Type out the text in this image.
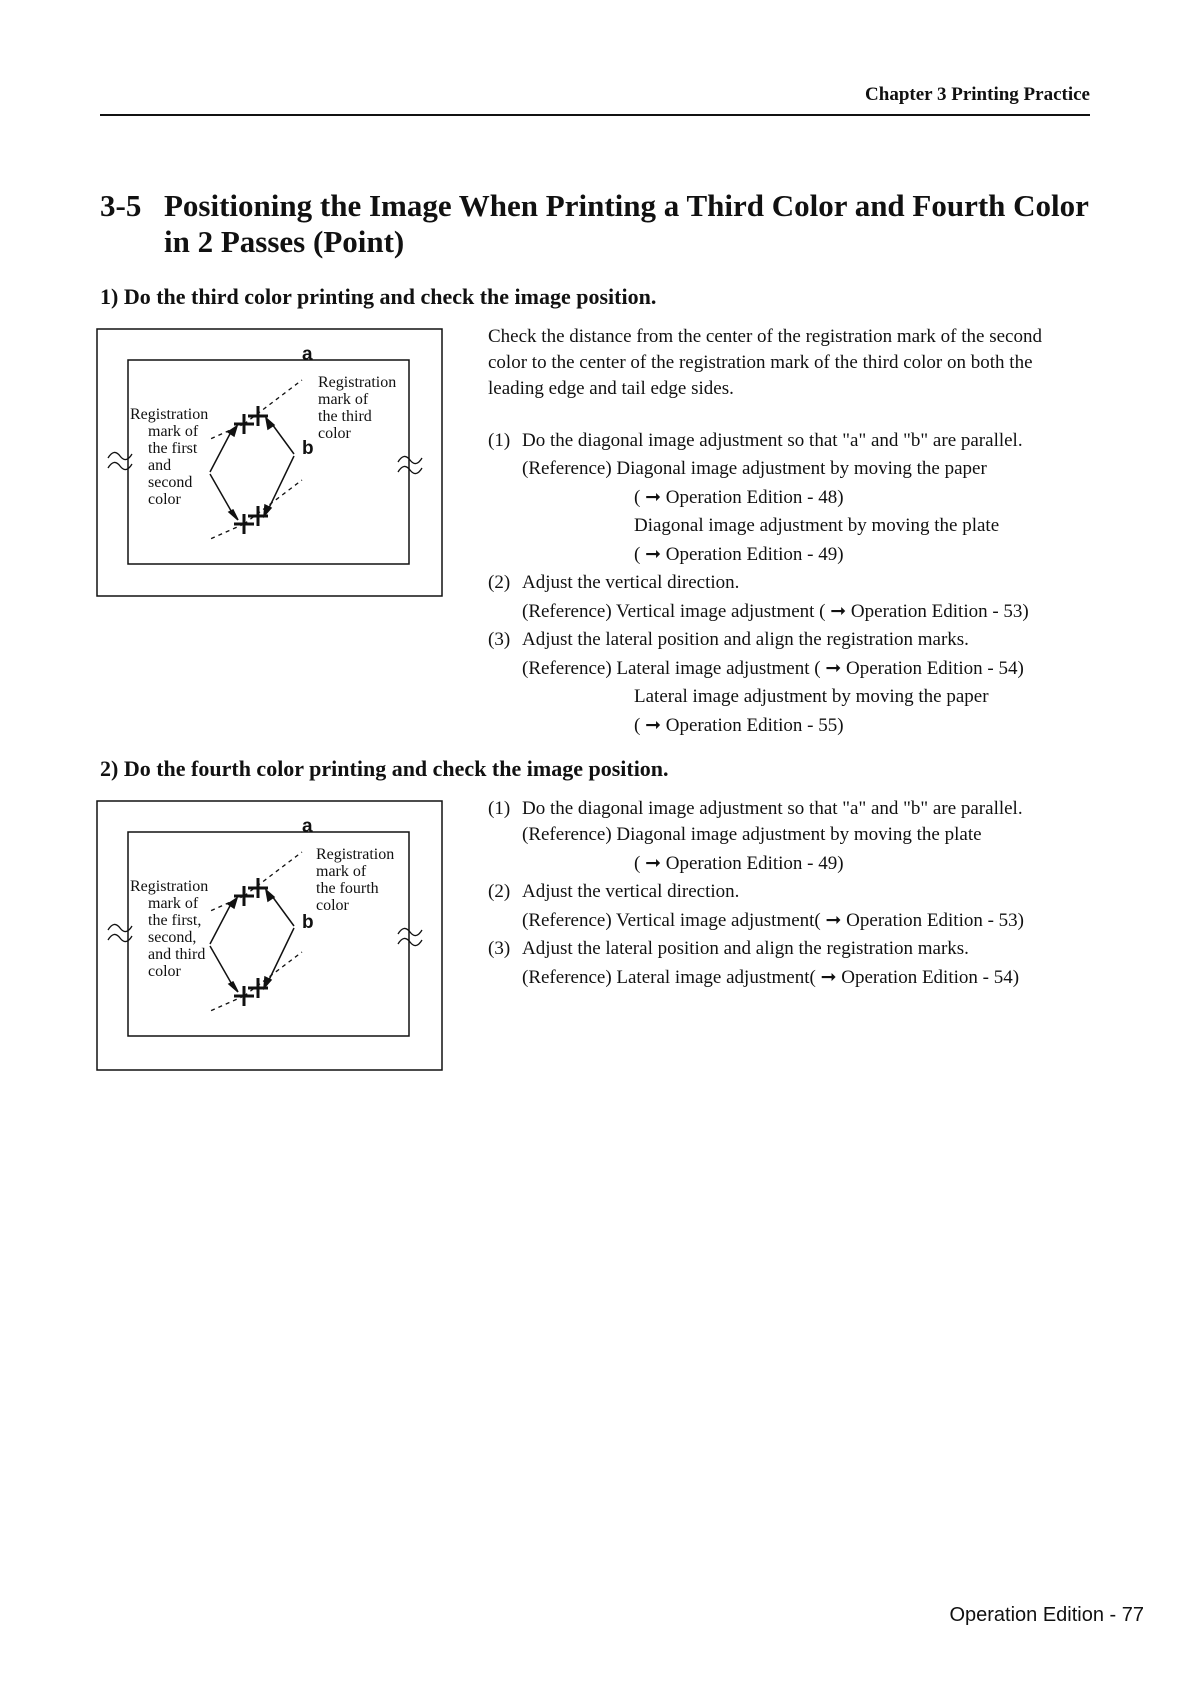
Chapter 3 Printing Practice
3-5 Positioning the Image When Printing a Third Color and Fourth Color
in 2 Passes (Point)
1) Do the third color printing and check the image position.
a
b
Registration
mark of
the first
and
second
color
Registration
mark of
the third
color
Check the distance from the center of the registration mark of the second
color to the center of the registration mark of the third color on both the
leading edge and tail edge sides.
(1) Do the diagonal image adjustment so that "a" and "b" are parallel.
(Reference) Diagonal image adjustment by moving the paper
( ➞ Operation Edition - 48)
Diagonal image adjustment by moving the plate
( ➞ Operation Edition - 49)
(2) Adjust the vertical direction.
(Reference) Vertical image adjustment ( ➞ Operation Edition - 53)
(3) Adjust the lateral position and align the registration marks.
(Reference) Lateral image adjustment ( ➞ Operation Edition - 54)
Lateral image adjustment by moving the paper
( ➞ Operation Edition - 55)
2) Do the fourth color printing and check the image position.
a
b
Registration
mark of
the first,
second,
and third
color
Registration
mark of
the fourth
color
(1) Do the diagonal image adjustment so that "a" and "b" are parallel.
(Reference) Diagonal image adjustment by moving the plate
( ➞ Operation Edition - 49)
(2) Adjust the vertical direction.
(Reference) Vertical image adjustment( ➞ Operation Edition - 53)
(3) Adjust the lateral position and align the registration marks.
(Reference) Lateral image adjustment( ➞ Operation Edition - 54)
Operation Edition - 77
